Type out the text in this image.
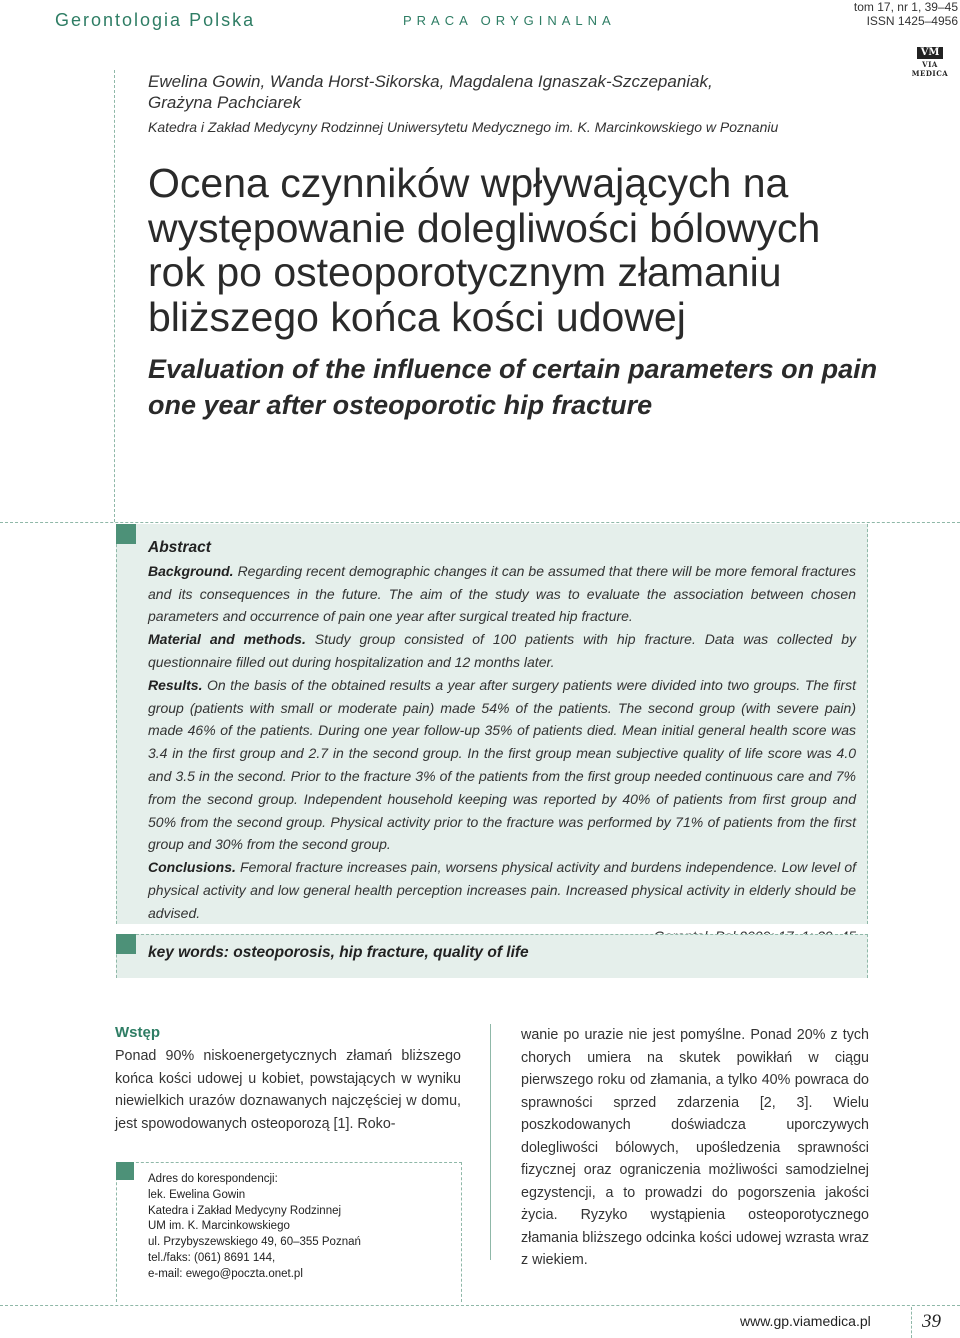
Gerontologia Polska	PRACA ORYGINALNA
tom 17, nr 1, 39–45
ISSN 1425–4956
VM
VIA MEDICA
Ewelina Gowin, Wanda Horst-Sikorska, Magdalena Ignaszak-Szczepaniak,
Grażyna Pachciarek
Katedra i Zakład Medycyny Rodzinnej Uniwersytetu Medycznego im. K. Marcinkowskiego w Poznaniu
Ocena czynników wpływających na występowanie dolegliwości bólowych rok po osteoporotycznym złamaniu bliższego końca kości udowej
Evaluation of the influence of certain parameters on pain one year after osteoporotic hip fracture
Abstract

Background. Regarding recent demographic changes it can be assumed that there will be more femoral fractures and its consequences in the future. The aim of the study was to evaluate the association between chosen parameters and occurrence of pain one year after surgical treated hip fracture.

Material and methods. Study group consisted of 100 patients with hip fracture. Data was collected by questionnaire filled out during hospitalization and 12 months later.

Results. On the basis of the obtained results a year after surgery patients were divided into two groups. The first group (patients with small or moderate pain) made 54% of the patients. The second group (with severe pain) made 46% of the patients. During one year follow-up 35% of patients died. Mean initial general health score was 3.4 in the first group and 2.7 in the second group. In the first group mean subjective quality of life score was 4.0 and 3.5 in the second. Prior to the fracture 3% of the patients from the first group needed continuous care and 7% from the second group. Independent household keeping was reported by 40% of patients from first group and 50% from the second group. Physical activity prior to the fracture was performed by 71% of patients from the first group and 30% from the second group.

Conclusions. Femoral fracture increases pain, worsens physical activity and burdens independence. Low level of physical activity and low general health perception increases pain. Increased physical activity in elderly should be advised.

key words: osteoporosis, hip fracture, quality of life
Wstęp
Ponad 90% niskoenergetycznych złamań bliższego końca kości udowej u kobiet, powstających w wyniku niewielkich urazów doznawanych najczęściej w domu, jest spowodowanych osteoporozą [1]. Roko-
wanie po urazie nie jest pomyślne. Ponad 20% z tych chorych umiera na skutek powikłań w ciągu pierwszego roku od złamania, a tylko 40% powraca do sprawności sprzed zdarzenia [2, 3]. Wielu poszkodowanych doświadcza uporczywych dolegliwości bólowych, upośledzenia sprawności fizycznej oraz ograniczenia możliwości samodzielnej egzystencji, a to prowadzi do pogorszenia jakości życia. Ryzyko wystąpienia osteoporotycznego złamania bliższego odcinka kości udowej wzrasta wraz z wiekiem.
Adres do korespondencji:
lek. Ewelina Gowin
Katedra i Zakład Medycyny Rodzinnej
UM im. K. Marcinkowskiego
ul. Przybyszewskiego 49, 60–355 Poznań
tel./faks: (061) 8691 144,
e-mail: ewego@poczta.onet.pl
www.gp.viamedica.pl	39
